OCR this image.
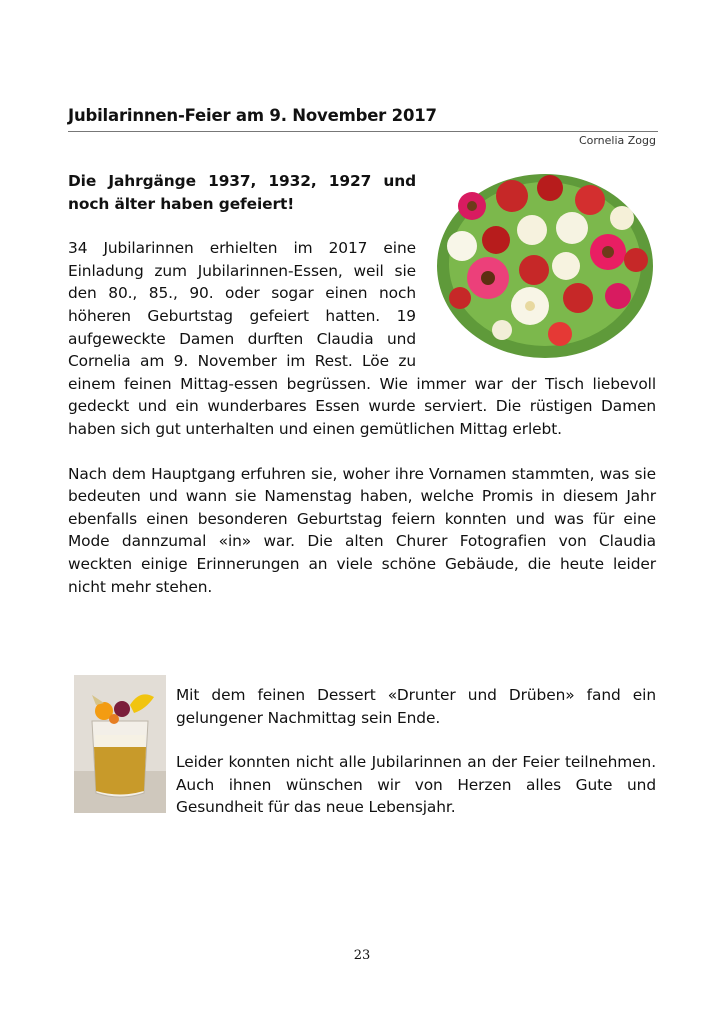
Jubilarinnen-Feier am 9. November 2017
Cornelia Zogg

Die Jahrgänge 1937, 1932, 1927 und noch älter haben gefeiert!

34 Jubilarinnen erhielten im 2017 eine Einladung zum Jubilarinnen-Essen, weil sie den 80., 85., 90. oder sogar einen noch höheren Geburtstag gefeiert hatten. 19 aufgeweckte Damen durften Claudia und Cornelia am 9. November im Rest. Löe zu einem feinen Mittag-essen begrüssen. Wie immer war der Tisch liebevoll gedeckt und ein wunderbares Essen wurde serviert. Die rüstigen Damen haben sich gut unterhalten und einen gemütlichen Mittag erlebt.

Nach dem Hauptgang erfuhren sie, woher ihre Vornamen stammten, was sie bedeuten und wann sie Namenstag haben, welche Promis in diesem Jahr ebenfalls einen besonderen Geburtstag feiern konnten und was für eine Mode dannzumal «in» war. Die alten Churer Fotografien von Claudia weckten einige Erinnerungen an viele schöne Gebäude, die heute leider nicht mehr stehen.

Mit dem feinen Dessert «Drunter und Drüben» fand ein gelungener Nachmittag sein Ende.

Leider konnten nicht alle Jubilarinnen an der Feier teilnehmen. Auch ihnen wünschen wir von Herzen alles Gute und Gesundheit für das neue Lebensjahr.

23
